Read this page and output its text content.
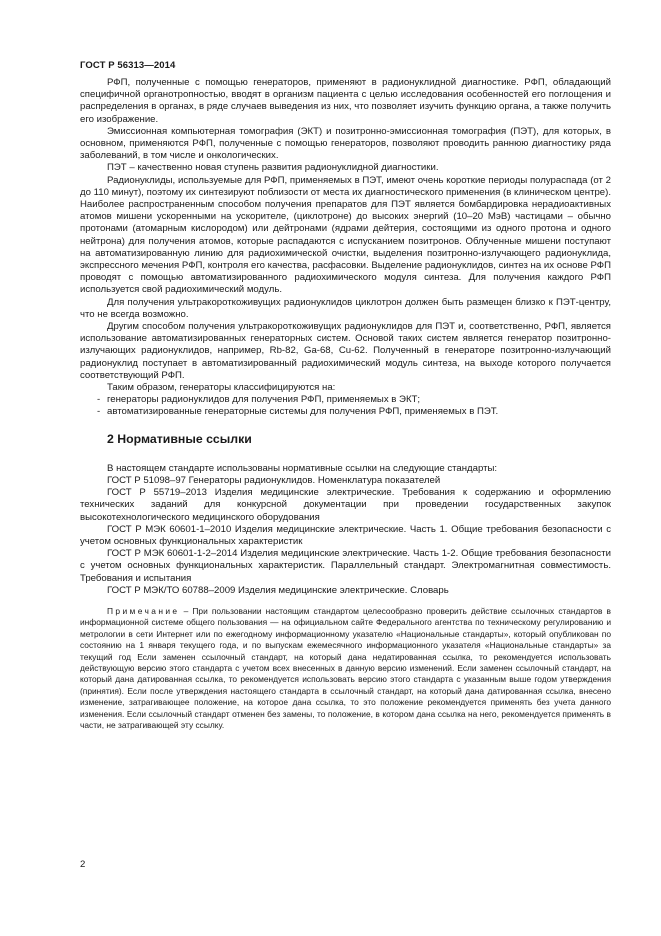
ГОСТ Р 56313—2014

РФП, полученные с помощью генераторов, применяют в радионуклидной диагностике. РФП, обладающий специфичной органотропностью, вводят в организм пациента с целью исследования особенностей его поглощения и распределения в органах, в ряде случаев выведения из них, что позволяет изучить функцию органа, а также получить его изображение.

Эмиссионная компьютерная томография (ЭКТ) и позитронно-эмиссионная томография (ПЭТ), для которых, в основном, применяются РФП, полученные с помощью генераторов, позволяют проводить раннюю диагностику ряда заболеваний, в том числе и онкологических.

ПЭТ – качественно новая ступень развития радионуклидной диагностики.

Радионуклиды, используемые для РФП, применяемых в ПЭТ, имеют очень короткие периоды полураспада (от 2 до 110 минут), поэтому их синтезируют поблизости от места их диагностического применения (в клиническом центре). Наиболее распространенным способом получения препаратов для ПЭТ является бомбардировка нерадиоактивных атомов мишени ускоренными на ускорителе, (циклотроне) до высоких энергий (10–20 МэВ) частицами – обычно протонами (атомарным кислородом) или дейтронами (ядрами дейтерия, состоящими из одного протона и одного нейтрона) для получения атомов, которые распадаются с испусканием позитронов. Облученные мишени поступают на автоматизированную линию для радиохимической очистки, выделения позитронно-излучающего радионуклида, экспрессного мечения РФП, контроля его качества, расфасовки. Выделение радионуклидов, синтез на их основе РФП проводят с помощью автоматизированного радиохимического модуля синтеза. Для получения каждого РФП используется свой радиохимический модуль.

Для получения ультракороткоживущих радионуклидов циклотрон должен быть размещен близко к ПЭТ-центру, что не всегда возможно.

Другим способом получения ультракороткоживущих радионуклидов для ПЭТ и, соответственно, РФП, является использование автоматизированных генераторных систем. Основой таких систем является генератор позитронно-излучающих радионуклидов, например, Rb-82, Ga-68, Cu-62. Полученный в генераторе позитронно-излучающий радионуклид поступает в автоматизированный радиохимический модуль синтеза, на выходе которого получается соответствующий РФП.

Таким образом, генераторы классифицируются на:

- генераторы радионуклидов для получения РФП, применяемых в ЭКТ;

- автоматизированные генераторные системы для получения РФП, применяемых в ПЭТ.

2 Нормативные ссылки

В настоящем стандарте использованы нормативные ссылки на следующие стандарты:

ГОСТ Р 51098–97 Генераторы радионуклидов. Номенклатура показателей

ГОСТ Р 55719–2013 Изделия медицинские электрические. Требования к содержанию и оформлению технических заданий для конкурсной документации при проведении государственных закупок высокотехнологического медицинского оборудования

ГОСТ Р МЭК 60601-1–2010 Изделия медицинские электрические. Часть 1. Общие требования безопасности с учетом основных функциональных характеристик

ГОСТ Р МЭК 60601-1-2–2014 Изделия медицинские электрические. Часть 1-2. Общие требования безопасности с учетом основных функциональных характеристик. Параллельный стандарт. Электромагнитная совместимость. Требования и испытания

ГОСТ Р МЭК/ТО 60788–2009 Изделия медицинские электрические. Словарь

Примечание – При пользовании настоящим стандартом целесообразно проверить действие ссылочных стандартов в информационной системе общего пользования — на официальном сайте Федерального агентства по техническому регулированию и метрологии в сети Интернет или по ежегодному информационному указателю «Национальные стандарты», который опубликован по состоянию на 1 января текущего года, и по выпускам ежемесячного информационного указателя «Национальные стандарты» за текущий год Если заменен ссылочный стандарт, на который дана недатированная ссылка, то рекомендуется использовать действующую версию этого стандарта с учетом всех внесенных в данную версию изменений. Если заменен ссылочный стандарт, на который дана датированная ссылка, то рекомендуется использовать версию этого стандарта с указанным выше годом утверждения (принятия). Если после утверждения настоящего стандарта в ссылочный стандарт, на который дана датированная ссылка, внесено изменение, затрагивающее положение, на которое дана ссылка, то это положение рекомендуется применять без учета данного изменения. Если ссылочный стандарт отменен без замены, то положение, в котором дана ссылка на него, рекомендуется применять в части, не затрагивающей эту ссылку.

2
